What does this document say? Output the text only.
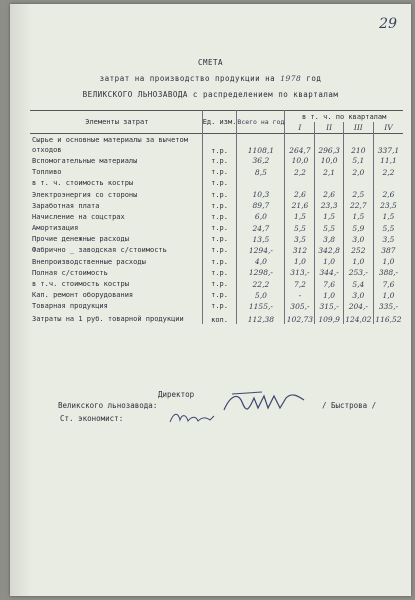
29
СМЕТА
затрат на производство продукции на 1978 год
ВЕЛИКСКОГО ЛЬНОЗАВОДА с распределением по кварталам
Элементы затрат	Ед. изм.	Всего на год	в т. ч. по кварталам			
			I	II	III	IV
Сырье и основные материалы за вычетом отходов	т.р.	1108,1	264,7	296,3	210	337,1
Вспомогательные материалы	т.р.	36,2	10,0	10,0	5,1	11,1
Топливо	т.р.	8,5	2,2	2,1	2,0	2,2
в т. ч. стоимость костры	т.р.					
Электроэнергия со стороны	т.р.	10,3	2,6	2,6	2,5	2,6
Заработная плата	т.р.	89,7	21,6	23,3	22,7	23,5
Начисление на соцстрах	т.р.	6,0	1,5	1,5	1,5	1,5
Амортизация	т.р.	24,7	5,5	5,5	5,9	5,5
Прочие денежные расходы	т.р.	13,5	3,5	3,8	3,0	3,5
Фабрично _ заводская с/стоимость	т.р.	1294,-	312	342,8	252	387
Внепроизводственные расходы	т.р.	4,0	1,0	1,0	1,0	1,0
Полная с/стоимость	т.р.	1298,-	313,-	344,-	253,-	388,-
в т.ч. стоимость костры	т.р.	22,2	7,2	7,6	5,4	7,6
Кап. ремонт оборудования	т.р.	5,0	-	1,0	3,0	1,0
Товарная продукция	т.р.	1155,-	305,-	315,-	204,-	335,-
Затраты на 1 руб. товарной продукции	коп.	112,38	102,73	109,9	124,02	116,52
Директор
Великского льнозавода:
Ст. экономист:
/ Быстрова /
